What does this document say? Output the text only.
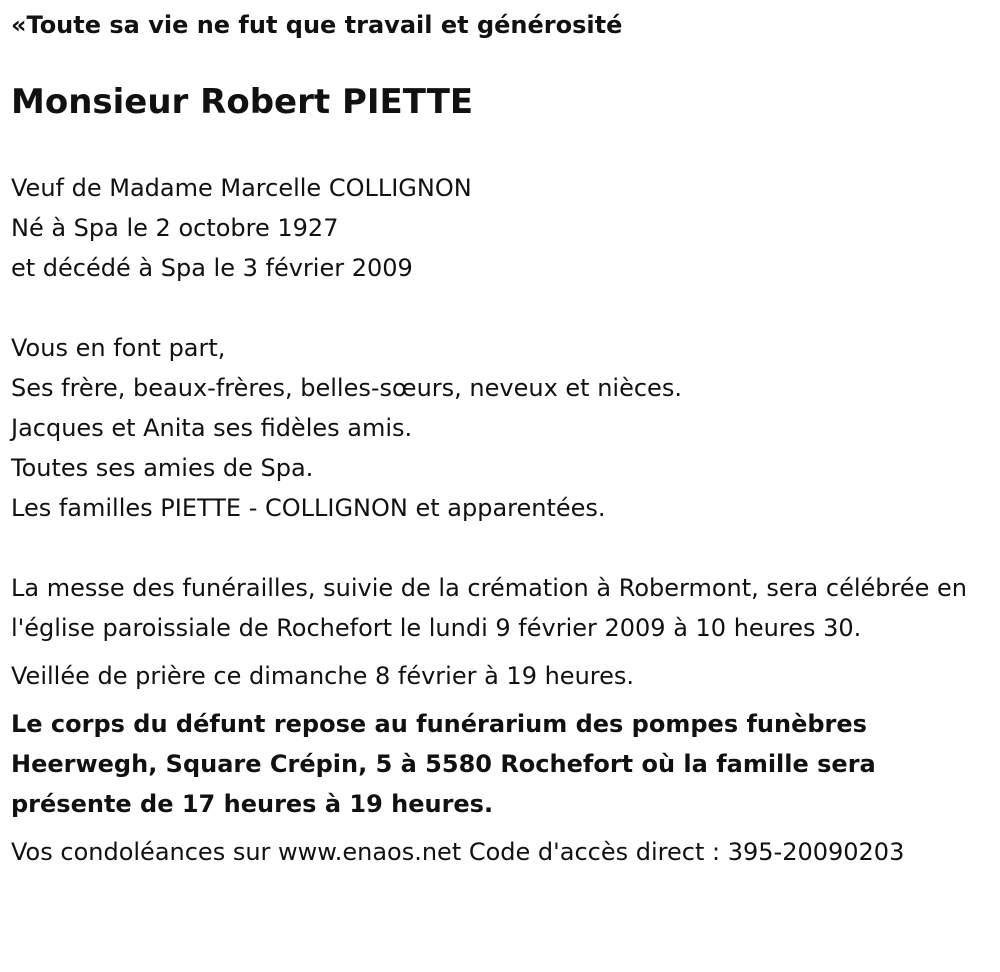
«Toute sa vie ne fut que travail et générosité

Monsieur Robert PIETTE

Veuf de Madame Marcelle COLLIGNON

Né à Spa le 2 octobre 1927

et décédé à Spa le 3 février 2009

Vous en font part,

Ses frère, beaux-frères, belles-sœurs, neveux et nièces.

Jacques et Anita ses fidèles amis.

Toutes ses amies de Spa.

Les familles PIETTE - COLLIGNON et apparentées.

La messe des funérailles, suivie de la crémation à Robermont, sera célébrée en l'église paroissiale de Rochefort le lundi 9 février 2009 à 10 heures 30.

Veillée de prière ce dimanche 8 février à 19 heures.

Le corps du défunt repose au funérarium des pompes funèbres Heerwegh, Square Crépin, 5 à 5580 Rochefort où la famille sera présente de 17 heures à 19 heures.

Vos condoléances sur www.enaos.net Code d'accès direct : 395-20090203
